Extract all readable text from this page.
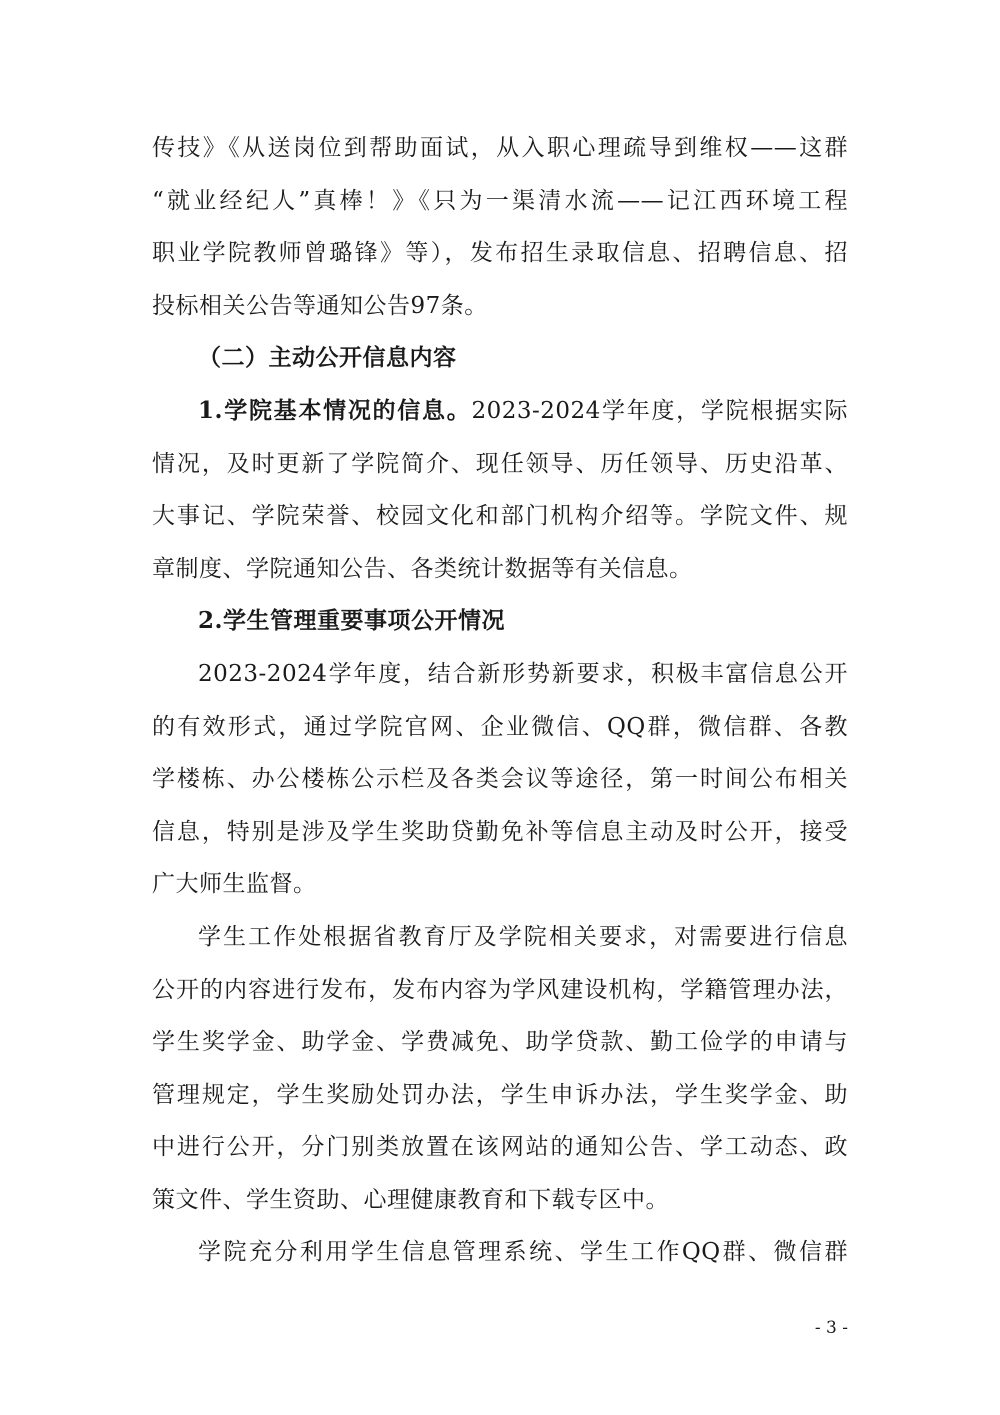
传技》《从送岗位到帮助面试，从入职心理疏导到维权——这群
“就业经纪人”真棒！》《只为一渠清水流——记江西环境工程
职业学院教师曾璐锋》等），发布招生录取信息、招聘信息、招
投标相关公告等通知公告97条。
（二）主动公开信息内容
1.学院基本情况的信息。2023-2024学年度，学院根据实际
情况，及时更新了学院简介、现任领导、历任领导、历史沿革、
大事记、学院荣誉、校园文化和部门机构介绍等。学院文件、规
章制度、学院通知公告、各类统计数据等有关信息。
2.学生管理重要事项公开情况
2023-2024学年度，结合新形势新要求，积极丰富信息公开
的有效形式，通过学院官网、企业微信、QQ群，微信群、各教
学楼栋、办公楼栋公示栏及各类会议等途径，第一时间公布相关
信息，特别是涉及学生奖助贷勤免补等信息主动及时公开，接受
广大师生监督。
学生工作处根据省教育厅及学院相关要求，对需要进行信息
公开的内容进行发布，发布内容为学风建设机构，学籍管理办法，
学生奖学金、助学金、学费减免、助学贷款、勤工俭学的申请与
管理规定，学生奖励处罚办法，学生申诉办法，学生奖学金、助
中进行公开，分门别类放置在该网站的通知公告、学工动态、政
策文件、学生资助、心理健康教育和下载专区中。
学院充分利用学生信息管理系统、学生工作QQ群、微信群
- 3 -
